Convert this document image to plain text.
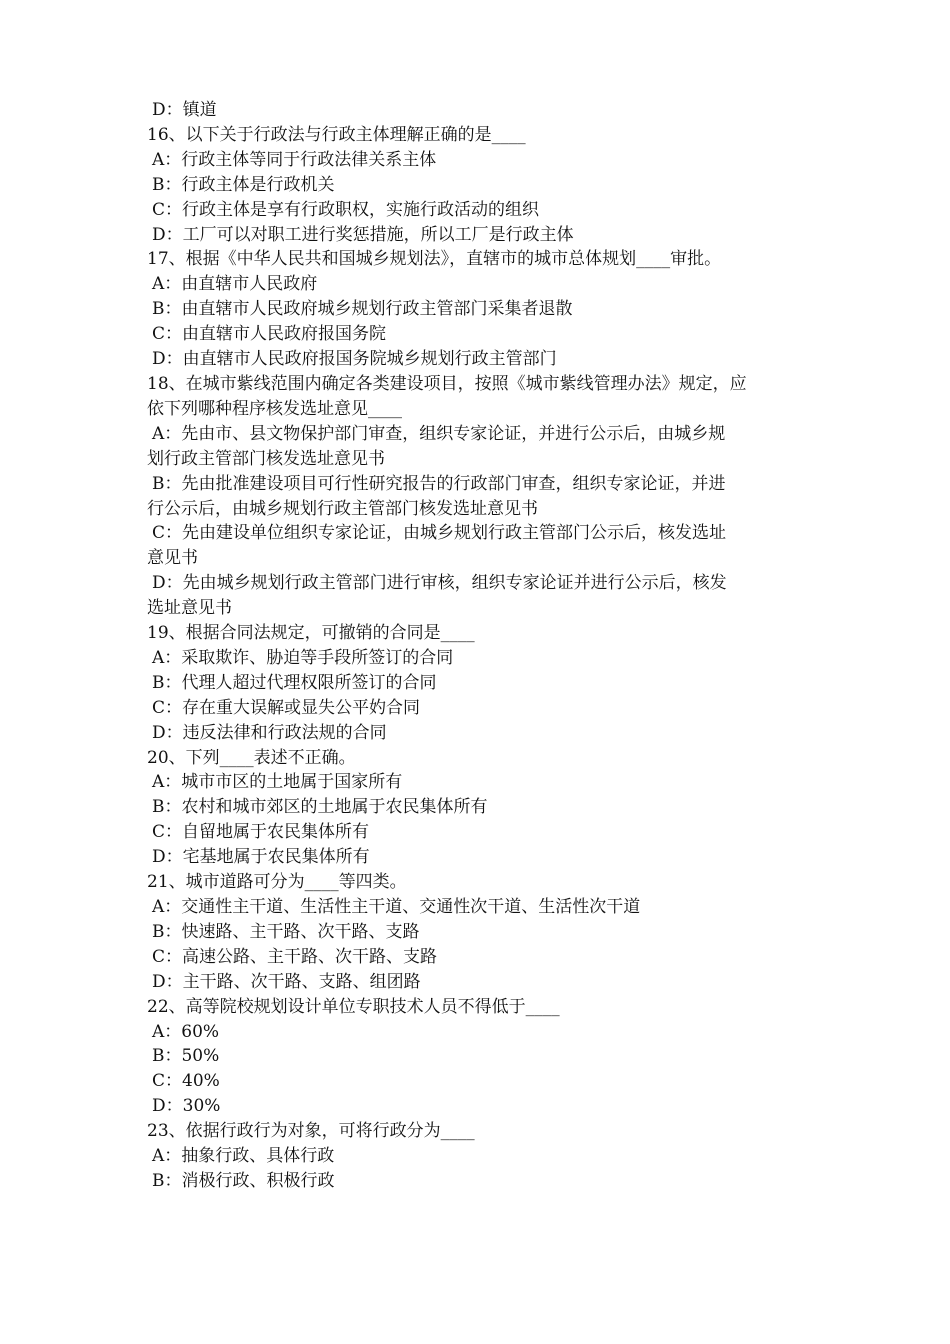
D：镇道

16、以下关于行政法与行政主体理解正确的是____

A：行政主体等同于行政法律关系主体

B：行政主体是行政机关

C：行政主体是享有行政职权，实施行政活动的组织

D：工厂可以对职工进行奖惩措施，所以工厂是行政主体

17、根据《中华人民共和国城乡规划法》，直辖市的城市总体规划____审批。

A：由直辖市人民政府

B：由直辖市人民政府城乡规划行政主管部门采集者退散

C：由直辖市人民政府报国务院

D：由直辖市人民政府报国务院城乡规划行政主管部门

18、在城市紫线范围内确定各类建设项目，按照《城市紫线管理办法》规定，应

依下列哪种程序核发选址意见____

A：先由市、县文物保护部门审查，组织专家论证，并进行公示后，由城乡规

划行政主管部门核发选址意见书

B：先由批准建设项目可行性研究报告的行政部门审查，组织专家论证，并进

行公示后，由城乡规划行政主管部门核发选址意见书

C：先由建设单位组织专家论证，由城乡规划行政主管部门公示后，核发选址

意见书

D：先由城乡规划行政主管部门进行审核，组织专家论证并进行公示后，核发

选址意见书

19、根据合同法规定，可撤销的合同是____

A：采取欺诈、胁迫等手段所签订的合同

B：代理人超过代理权限所签订的合同

C：存在重大误解或显失公平妁合同

D：违反法律和行政法规的合同

20、下列____表述不正确。

A：城市市区的土地属于国家所有

B：农村和城市郊区的土地属于农民集体所有

C：自留地属于农民集体所有

D：宅基地属于农民集体所有

21、城市道路可分为____等四类。

A：交通性主干道、生活性主干道、交通性次干道、生活性次干道

B：快速路、主干路、次干路、支路

C：高速公路、主干路、次干路、支路

D：主干路、次干路、支路、组团路

22、高等院校规划设计单位专职技术人员不得低于____

A：60%

B：50%

C：40%

D：30%

23、依据行政行为对象，可将行政分为____

A：抽象行政、具体行政

B：消极行政、积极行政
